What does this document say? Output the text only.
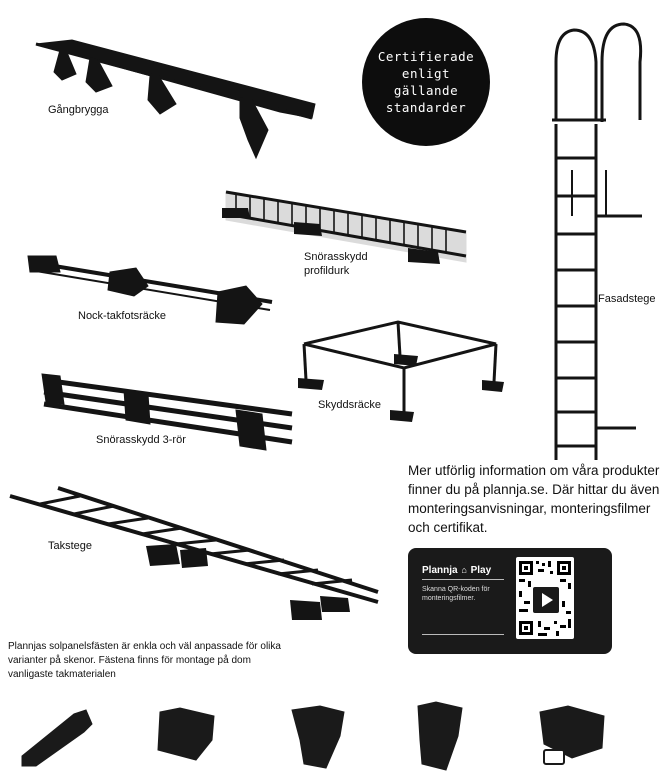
Gångbrygga
Snörasskydd
profildurk
Nock-takfotsräcke
Skyddsräcke
Snörasskydd 3-rör
Fasadstege
Takstege
Certifierade
enligt
gällande
standarder
Mer utförlig information om våra produkter finner du på plannja.se. Där hittar du även monteringsanvisningar, monteringsfilmer och certifikat.
Plannja ⌂ Play
Skanna QR-koden för monteringsfilmer.
Plannjas solpanelsfästen är enkla och väl anpassade för olika varianter på skenor. Fästena finns för montage på dom vanligaste takmaterialen
